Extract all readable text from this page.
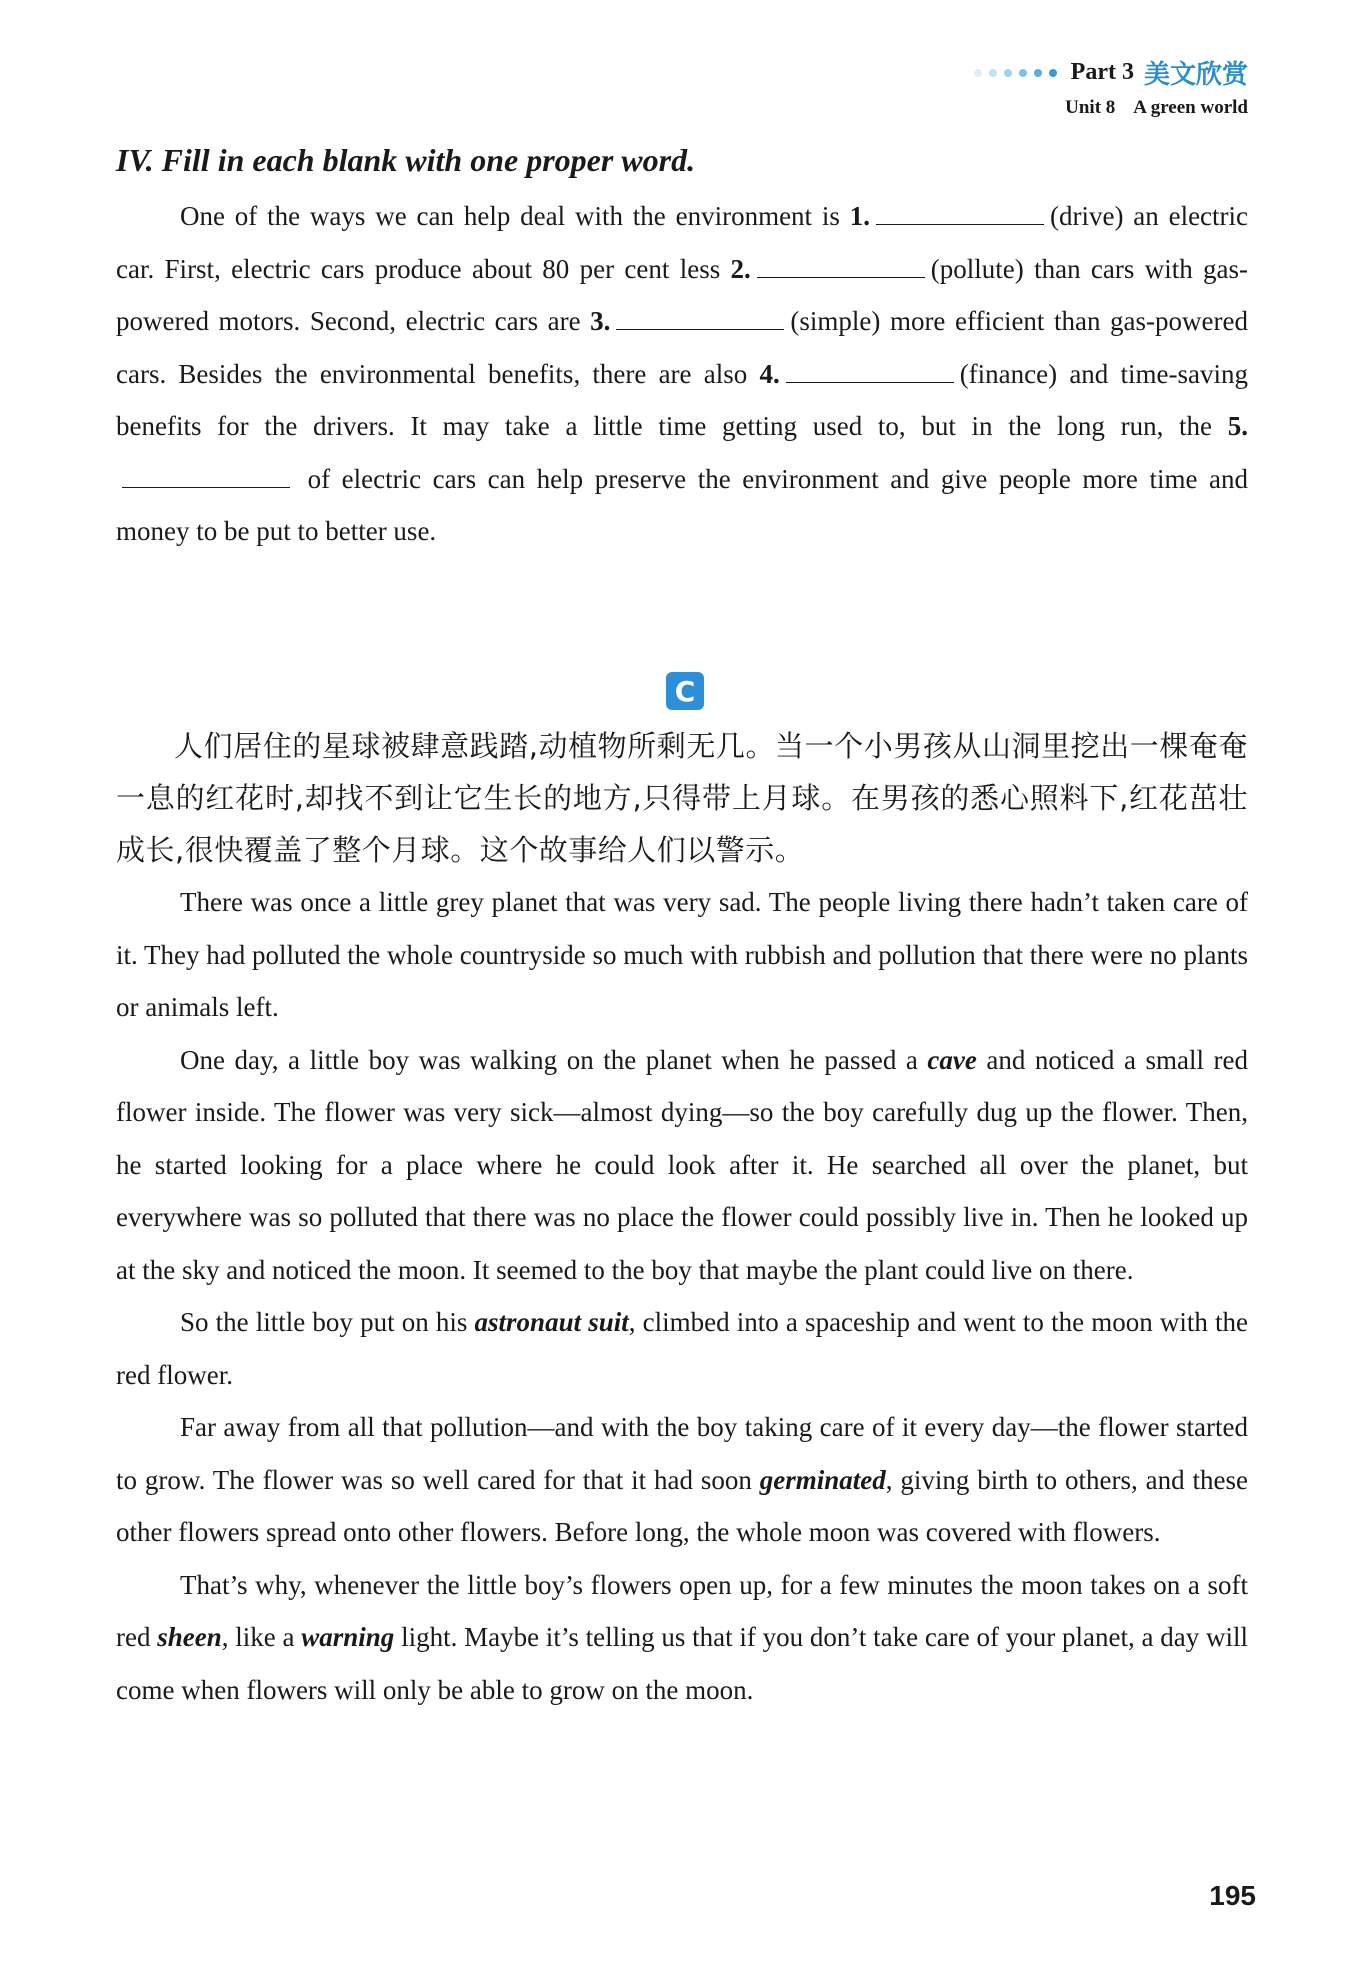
Part 3 美文欣赏
Unit 8 A green world
IV. Fill in each blank with one proper word.

One of the ways we can help deal with the environment is 1.	(drive) an electric car. First, electric cars produce about 80 per cent less 2.	(pollute) than cars with gas-powered motors. Second, electric cars are 3.	(simple) more efficient than gas-powered cars. Besides the environmental benefits, there are also 4.	(finance) and time-saving benefits for the drivers. It may take a little time getting used to, but in the long run, the 5. of electric cars can help preserve the environment and give people more time and money to be put to better use.

C

人们居住的星球被肆意践踏,动植物所剩无几。当一个小男孩从山洞里挖出一棵奄奄一息的红花时,却找不到让它生长的地方,只得带上月球。在男孩的悉心照料下,红花茁壮成长,很快覆盖了整个月球。这个故事给人们以警示。

There was once a little grey planet that was very sad. The people living there hadn’t taken care of it. They had polluted the whole countryside so much with rubbish and pollution that there were no plants or animals left.

One day, a little boy was walking on the planet when he passed a cave and noticed a small red flower inside. The flower was very sick—almost dying—so the boy carefully dug up the flower. Then, he started looking for a place where he could look after it. He searched all over the planet, but everywhere was so polluted that there was no place the flower could possibly live in. Then he looked up at the sky and noticed the moon. It seemed to the boy that maybe the plant could live on there.

So the little boy put on his astronaut suit, climbed into a spaceship and went to the moon with the red flower.

Far away from all that pollution—and with the boy taking care of it every day—the flower started to grow. The flower was so well cared for that it had soon germinated, giving birth to others, and these other flowers spread onto other flowers. Before long, the whole moon was covered with flowers.

That’s why, whenever the little boy’s flowers open up, for a few minutes the moon takes on a soft red sheen, like a warning light. Maybe it’s telling us that if you don’t take care of your planet, a day will come when flowers will only be able to grow on the moon.

195
